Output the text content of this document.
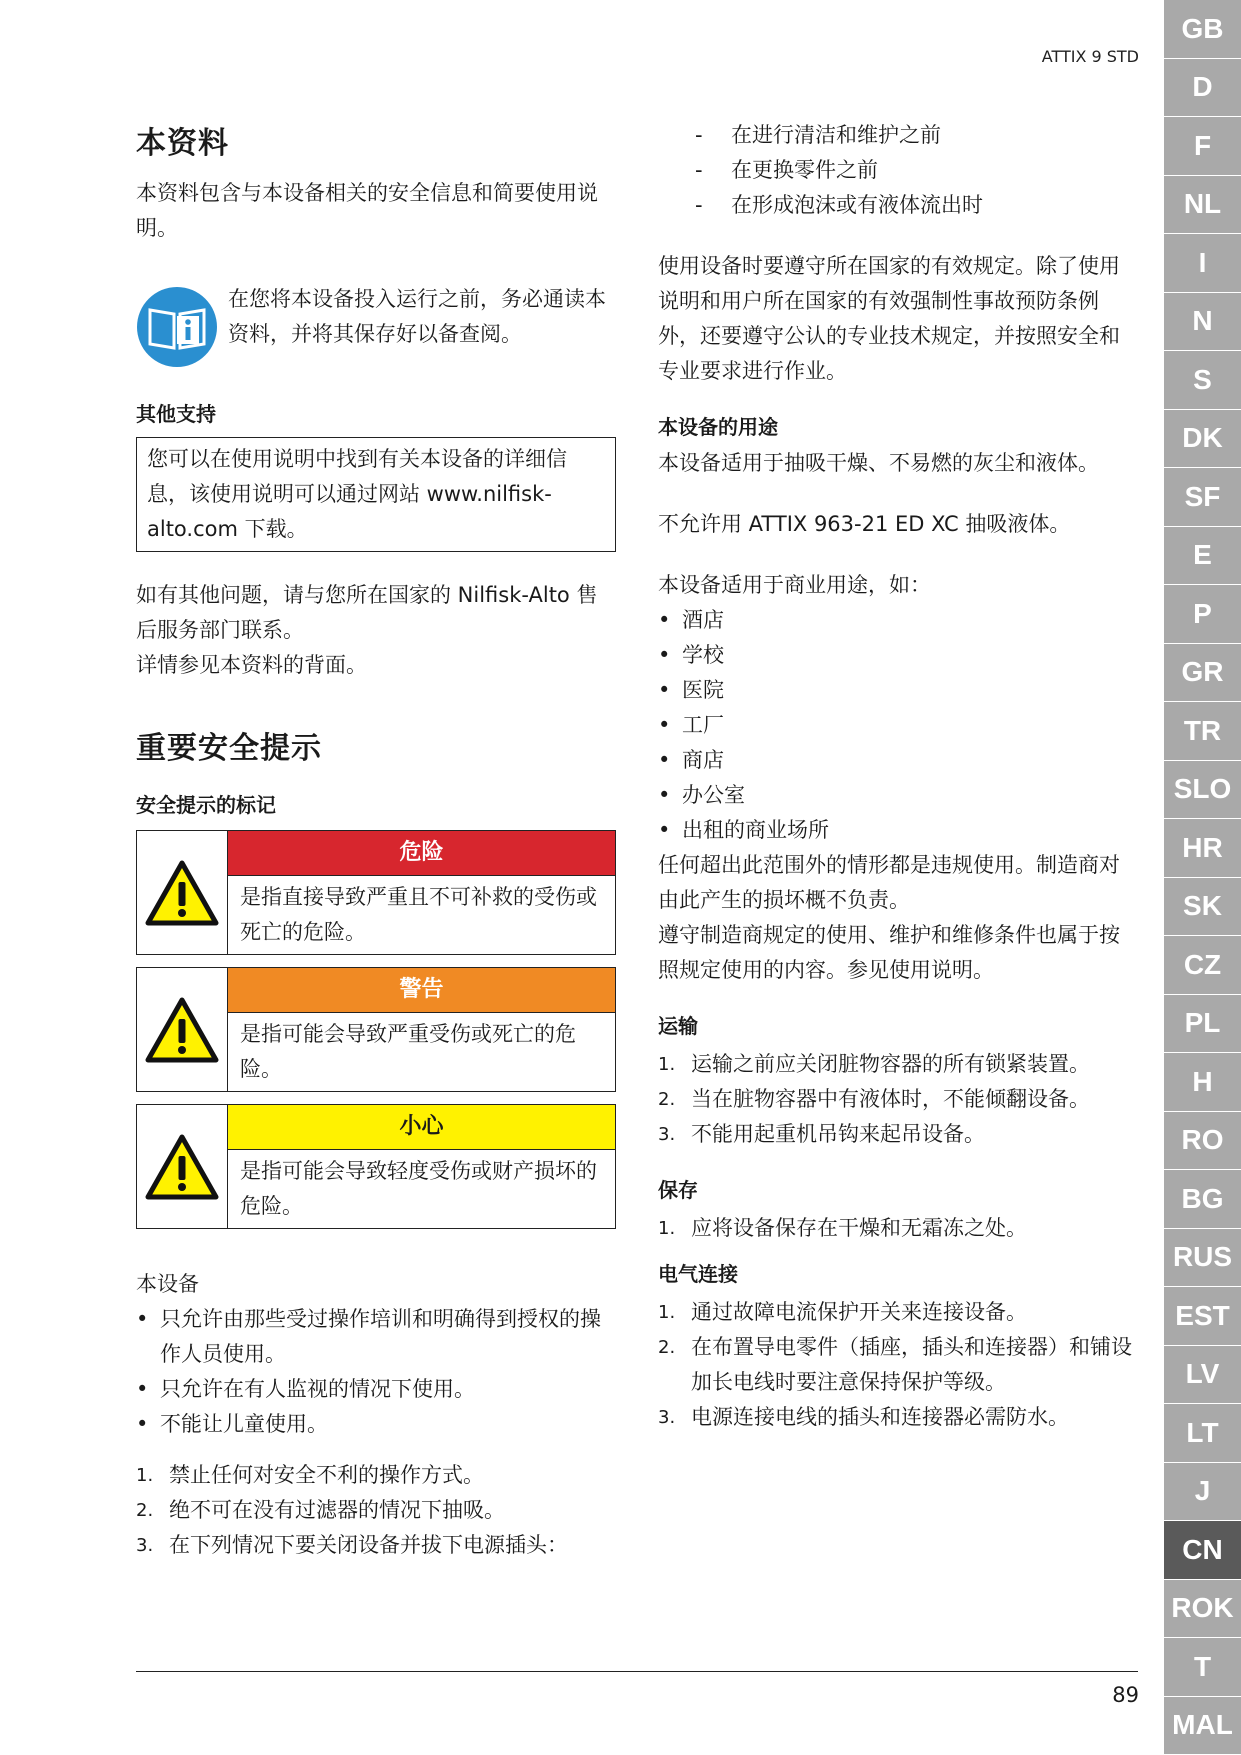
ATTIX 9 STD
GB
D
F
NL
I
N
S
DK
SF
E
P
GR
TR
SLO
HR
SK
CZ
PL
H
RO
BG
RUS
EST
LV
LT
J
CN
ROK
T
MAL
本资料

本资料包含与本设备相关的安全信息和简要使用说明。

在您将本设备投入运行之前，务必通读本资料，并将其保存好以备查阅。

其他支持

您可以在使用说明中找到有关本设备的详细信息，该使用说明可以通过网站 www.nilfisk-alto.com 下载。

如有其他问题，请与您所在国家的 Nilfisk-Alto 售后服务部门联系。

详情参见本资料的背面。

重要安全提示
安全提示的标记
危险
是指直接导致严重且不可补救的受伤或死亡的危险。
警告
是指可能会导致严重受伤或死亡的危险。
小心
是指可能会导致轻度受伤或财产损坏的危险。

本设备

• 只允许由那些受过操作培训和明确得到授权的操作人员使用。
• 只允许在有人监视的情况下使用。
• 不能让儿童使用。
1. 禁止任何对安全不利的操作方式。
2. 绝不可在没有过滤器的情况下抽吸。
3. 在下列情况下要关闭设备并拔下电源插头：
- 在进行清洁和维护之前
- 在更换零件之前
- 在形成泡沫或有液体流出时

使用设备时要遵守所在国家的有效规定。除了使用说明和用户所在国家的有效强制性事故预防条例外，还要遵守公认的专业技术规定，并按照安全和专业要求进行作业。

本设备的用途

本设备适用于抽吸干燥、不易燃的灰尘和液体。

不允许用 ATTIX 963-21 ED XC 抽吸液体。

本设备适用于商业用途，如：

• 酒店
• 学校
• 医院
• 工厂
• 商店
• 办公室
• 出租的商业场所

任何超出此范围外的情形都是违规使用。制造商对由此产生的损坏概不负责。

遵守制造商规定的使用、维护和维修条件也属于按照规定使用的内容。参见使用说明。

运输
1. 运输之前应关闭脏物容器的所有锁紧装置。
2. 当在脏物容器中有液体时，不能倾翻设备。
3. 不能用起重机吊钩来起吊设备。
保存
1. 应将设备保存在干燥和无霜冻之处。
电气连接
1. 通过故障电流保护开关来连接设备。
2. 在布置导电零件（插座，插头和连接器）和铺设加长电线时要注意保持保护等级。
3. 电源连接电线的插头和连接器必需防水。
89
